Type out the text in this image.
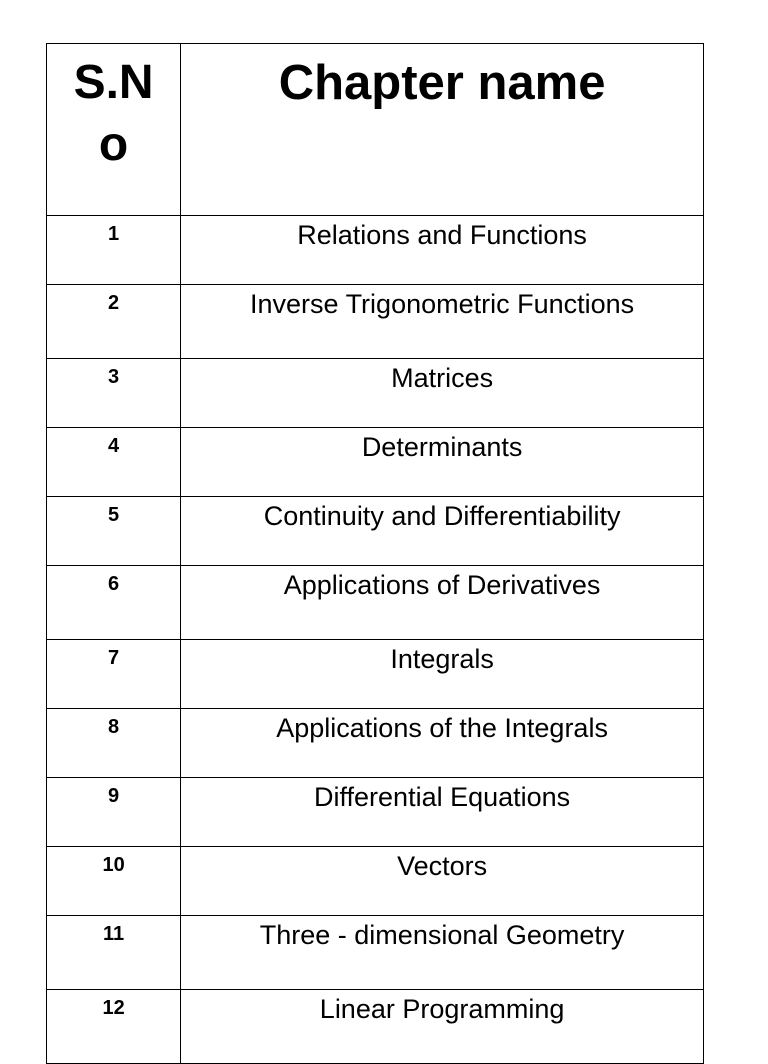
S.No	Chapter name
1	Relations and Functions
2	Inverse Trigonometric Functions
3	Matrices
4	Determinants
5	Continuity and Differentiability
6	Applications of Derivatives
7	Integrals
8	Applications of the Integrals
9	Differential Equations
10	Vectors
11	Three - dimensional Geometry
12	Linear Programming
